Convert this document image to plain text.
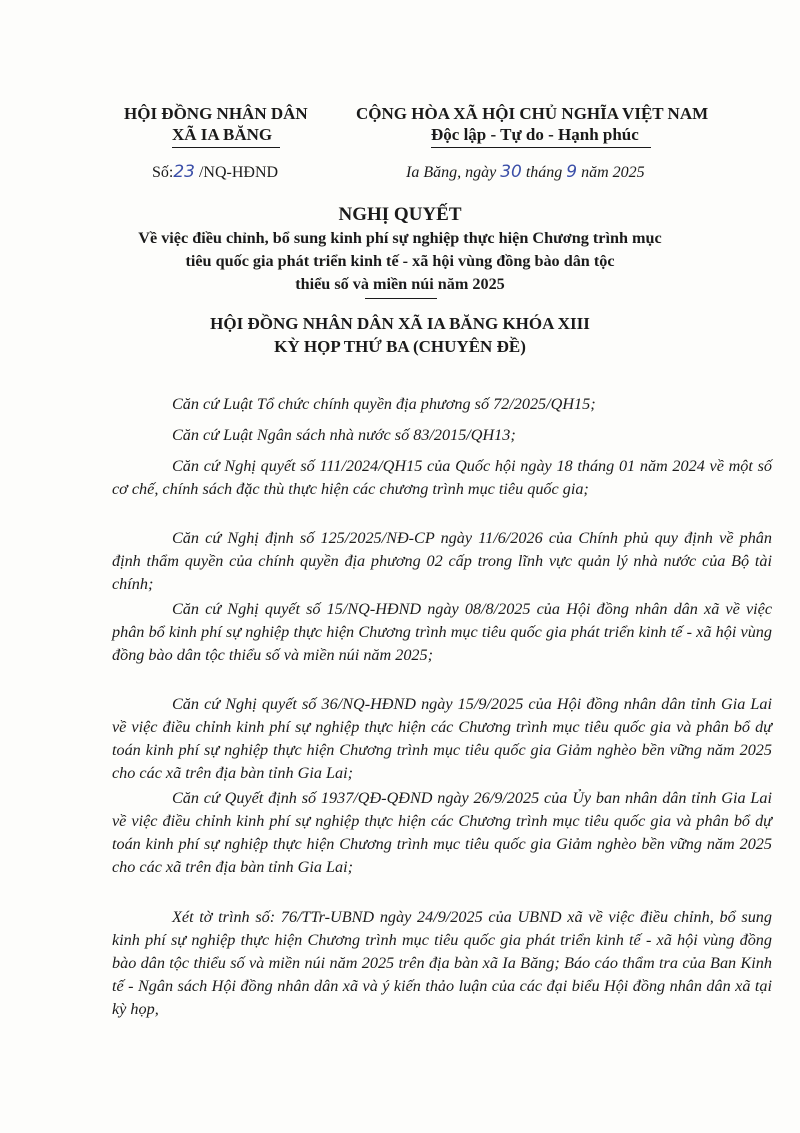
HỘI ĐỒNG NHÂN DÂN
XÃ IA BĂNG
Số:23 /NQ-HĐND
CỘNG HÒA XÃ HỘI CHỦ NGHĨA VIỆT NAM
Độc lập - Tự do - Hạnh phúc
Ia Băng, ngày 30 tháng 9 năm 2025
NGHỊ QUYẾT
Về việc điều chỉnh, bổ sung kinh phí sự nghiệp thực hiện Chương trình mục
tiêu quốc gia phát triển kinh tế - xã hội vùng đồng bào dân tộc
thiểu số và miền núi năm 2025
HỘI ĐỒNG NHÂN DÂN XÃ IA BĂNG KHÓA XIII
KỲ HỌP THỨ BA (CHUYÊN ĐỀ)
Căn cứ Luật Tổ chức chính quyền địa phương số 72/2025/QH15;
Căn cứ Luật Ngân sách nhà nước số 83/2015/QH13;
Căn cứ Nghị quyết số 111/2024/QH15 của Quốc hội ngày 18 tháng 01 năm 2024 về một số cơ chế, chính sách đặc thù thực hiện các chương trình mục tiêu quốc gia;
Căn cứ Nghị định số 125/2025/NĐ-CP ngày 11/6/2026 của Chính phủ quy định về phân định thẩm quyền của chính quyền địa phương 02 cấp trong lĩnh vực quản lý nhà nước của Bộ tài chính;
Căn cứ Nghị quyết số 15/NQ-HĐND ngày 08/8/2025 của Hội đồng nhân dân xã về việc phân bổ kinh phí sự nghiệp thực hiện Chương trình mục tiêu quốc gia phát triển kinh tế - xã hội vùng đồng bào dân tộc thiểu số và miền núi năm 2025;
Căn cứ Nghị quyết số 36/NQ-HĐND ngày 15/9/2025 của Hội đồng nhân dân tỉnh Gia Lai về việc điều chỉnh kinh phí sự nghiệp thực hiện các Chương trình mục tiêu quốc gia và phân bổ dự toán kinh phí sự nghiệp thực hiện Chương trình mục tiêu quốc gia Giảm nghèo bền vững năm 2025 cho các xã trên địa bàn tỉnh Gia Lai;
Căn cứ Quyết định số 1937/QĐ-QĐND ngày 26/9/2025 của Ủy ban nhân dân tỉnh Gia Lai về việc điều chỉnh kinh phí sự nghiệp thực hiện các Chương trình mục tiêu quốc gia và phân bổ dự toán kinh phí sự nghiệp thực hiện Chương trình mục tiêu quốc gia Giảm nghèo bền vững năm 2025 cho các xã trên địa bàn tỉnh Gia Lai;
Xét tờ trình số: 76/TTr-UBND ngày 24/9/2025 của UBND xã về việc điều chỉnh, bổ sung kinh phí sự nghiệp thực hiện Chương trình mục tiêu quốc gia phát triển kinh tế - xã hội vùng đồng bào dân tộc thiểu số và miền núi năm 2025 trên địa bàn xã Ia Băng; Báo cáo thẩm tra của Ban Kinh tế - Ngân sách Hội đồng nhân dân xã và ý kiến thảo luận của các đại biểu Hội đồng nhân dân xã tại kỳ họp,
